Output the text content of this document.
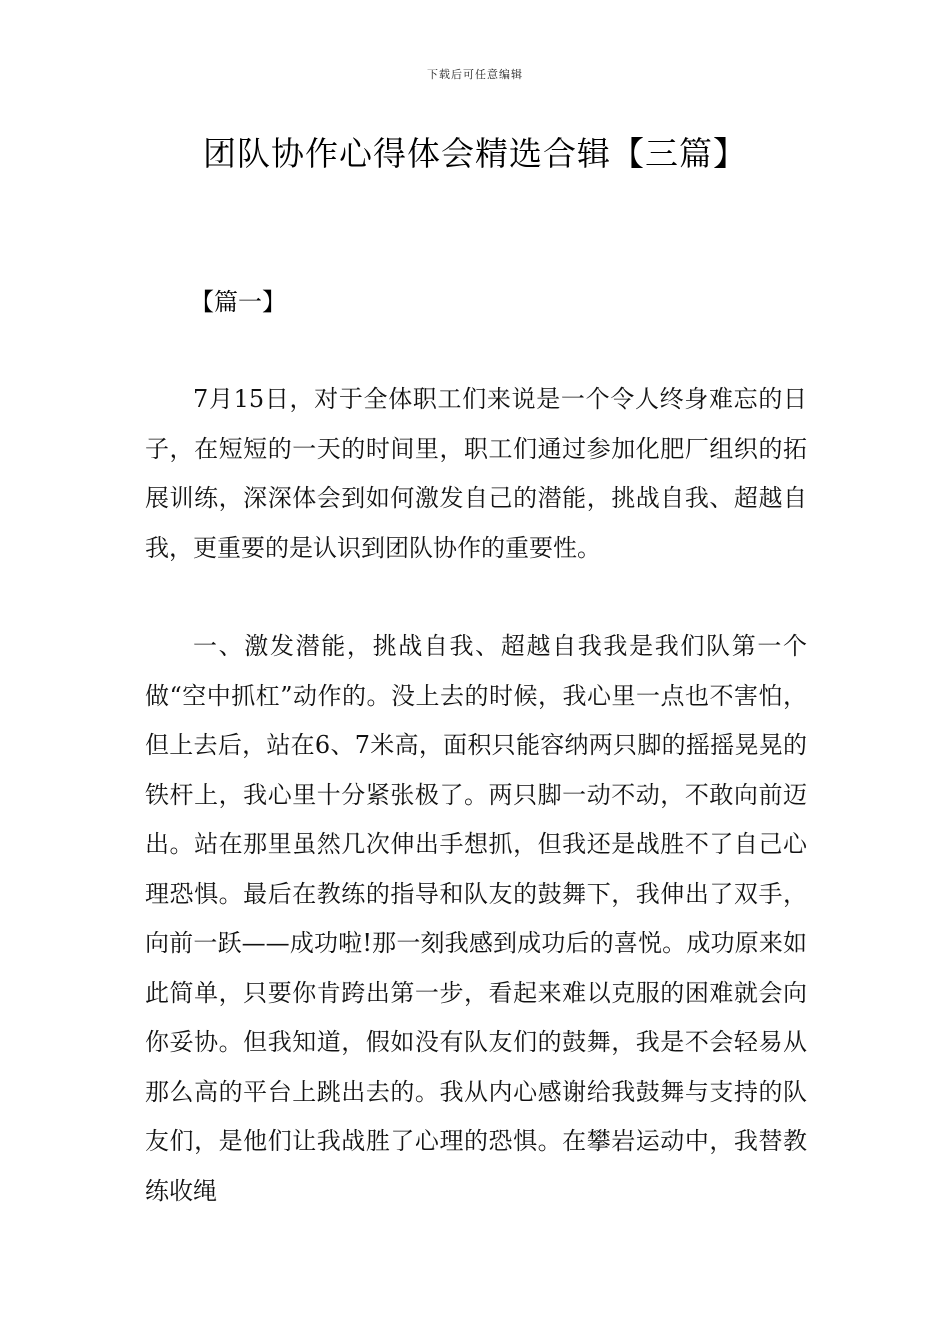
下载后可任意编辑
团队协作心得体会精选合辑【三篇】
【篇一】

7月15日，对于全体职工们来说是一个令人终身难忘的日子，在短短的一天的时间里，职工们通过参加化肥厂组织的拓展训练，深深体会到如何激发自己的潜能，挑战自我、超越自我，更重要的是认识到团队协作的重要性。

一、激发潜能，挑战自我、超越自我我是我们队第一个做“空中抓杠”动作的。没上去的时候，我心里一点也不害怕，但上去后，站在6、7米高，面积只能容纳两只脚的摇摇晃晃的铁杆上，我心里十分紧张极了。两只脚一动不动，不敢向前迈出。站在那里虽然几次伸出手想抓，但我还是战胜不了自己心理恐惧。最后在教练的指导和队友的鼓舞下，我伸出了双手，向前一跃——成功啦!那一刻我感到成功后的喜悦。成功原来如此简单，只要你肯跨出第一步，看起来难以克服的困难就会向你妥协。但我知道，假如没有队友们的鼓舞，我是不会轻易从那么高的平台上跳出去的。我从内心感谢给我鼓舞与支持的队友们，是他们让我战胜了心理的恐惧。在攀岩运动中，我替教练收绳
